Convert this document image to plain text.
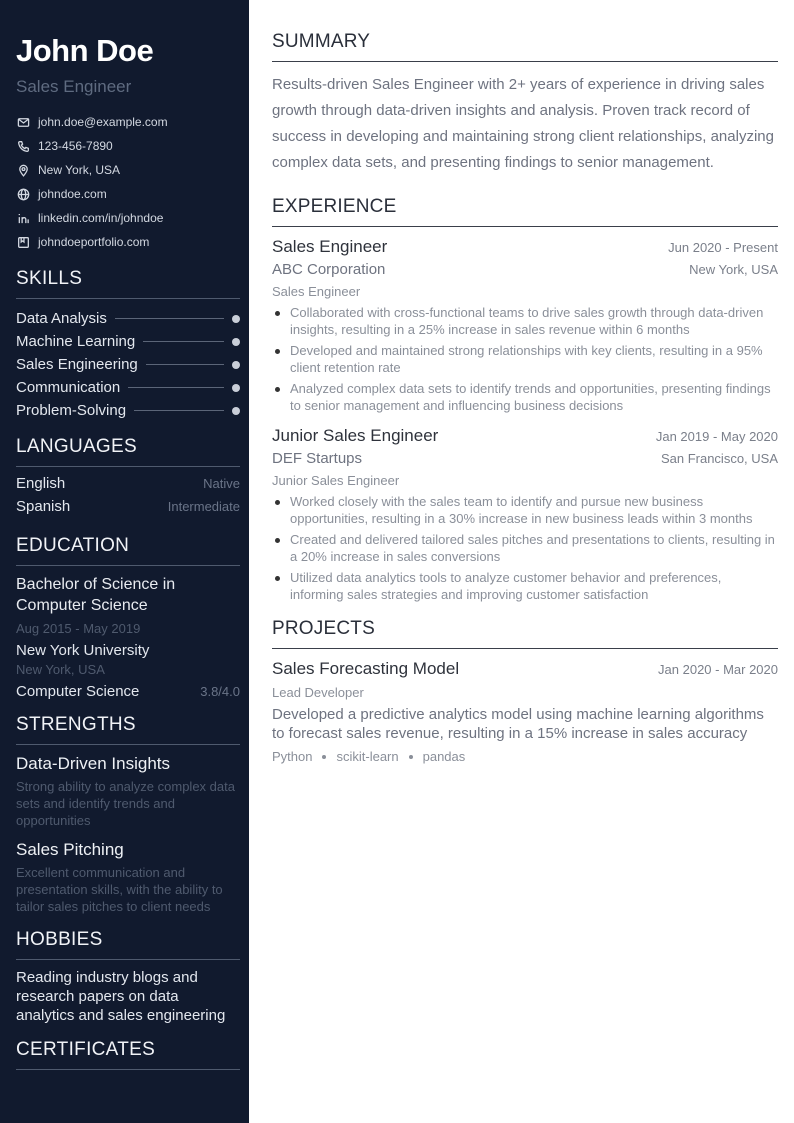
John Doe
Sales Engineer
john.doe@example.com
123-456-7890
New York, USA
johndoe.com
linkedin.com/in/johndoe
johndoeportfolio.com
SKILLS
Data Analysis
Machine Learning
Sales Engineering
Communication
Problem-Solving
LANGUAGES
English	Native
Spanish	Intermediate
EDUCATION
Bachelor of Science in Computer Science
Aug 2015 - May 2019
New York University
New York, USA
Computer Science	3.8/4.0
STRENGTHS
Data-Driven Insights
Strong ability to analyze complex data sets and identify trends and opportunities
Sales Pitching
Excellent communication and presentation skills, with the ability to tailor sales pitches to client needs
HOBBIES
Reading industry blogs and research papers on data analytics and sales engineering
CERTIFICATES
SUMMARY

Results-driven Sales Engineer with 2+ years of experience in driving sales growth through data-driven insights and analysis. Proven track record of success in developing and maintaining strong client relationships, analyzing complex data sets, and presenting findings to senior management.

EXPERIENCE
Sales Engineer	Jun 2020 - Present
ABC Corporation	New York, USA
Sales Engineer
Collaborated with cross-functional teams to drive sales growth through data-driven insights, resulting in a 25% increase in sales revenue within 6 months
Developed and maintained strong relationships with key clients, resulting in a 95% client retention rate
Analyzed complex data sets to identify trends and opportunities, presenting findings to senior management and influencing business decisions
Junior Sales Engineer	Jan 2019 - May 2020
DEF Startups	San Francisco, USA
Junior Sales Engineer
Worked closely with the sales team to identify and pursue new business opportunities, resulting in a 30% increase in new business leads within 3 months
Created and delivered tailored sales pitches and presentations to clients, resulting in a 20% increase in sales conversions
Utilized data analytics tools to analyze customer behavior and preferences, informing sales strategies and improving customer satisfaction
PROJECTS
Sales Forecasting Model	Jan 2020 - Mar 2020
Lead Developer
Developed a predictive analytics model using machine learning algorithms to forecast sales revenue, resulting in a 15% increase in sales accuracy
Python scikit-learn pandas
